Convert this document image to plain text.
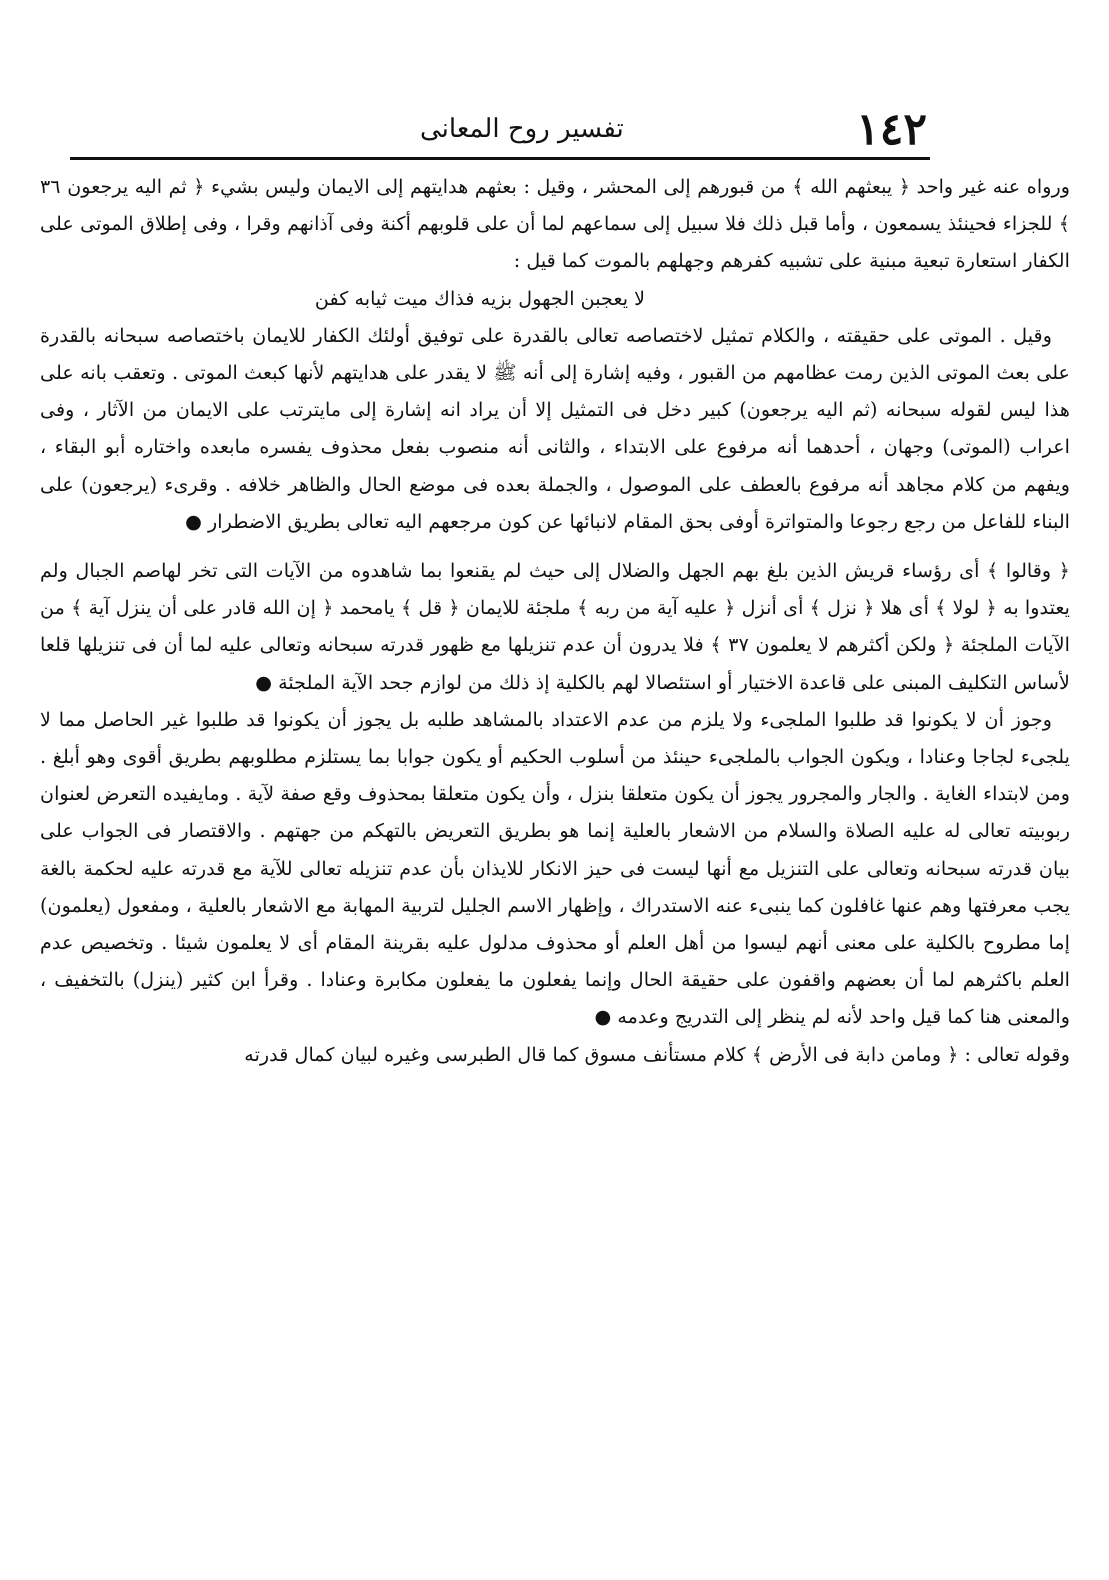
١٤٢
تفسير روح المعانى

ورواه عنه غير واحد ﴿ يبعثهم الله ﴾ من قبورهم إلى المحشر ، وقيل : بعثهم هدايتهم إلى الايمان وليس بشيء ﴿ ثم اليه يرجعون ٣٦ ﴾ للجزاء فحينئذ يسمعون ، وأما قبل ذلك فلا سبيل إلى سماعهم لما أن على قلوبهم أكنة وفى آذانهم وقرا ، وفى إطلاق الموتى على الكفار استعارة تبعية مبنية على تشبيه كفرهم وجهلهم بالموت كما قيل :

لا يعجبن الجهول بزيه فذاك ميت ثيابه كفن

وقيل . الموتى على حقيقته ، والكلام تمثيل لاختصاصه تعالى بالقدرة على توفيق أولئك الكفار للايمان باختصاصه سبحانه بالقدرة على بعث الموتى الذين رمت عظامهم من القبور ، وفيه إشارة إلى أنه ﷺ لا يقدر على هدايتهم لأنها كبعث الموتى . وتعقب بانه على هذا ليس لقوله سبحانه (ثم اليه يرجعون) كبير دخل فى التمثيل إلا أن يراد انه إشارة إلى مايترتب على الايمان من الآثار ، وفى اعراب (الموتى) وجهان ، أحدهما أنه مرفوع على الابتداء ، والثانى أنه منصوب بفعل محذوف يفسره مابعده واختاره أبو البقاء ، ويفهم من كلام مجاهد أنه مرفوع بالعطف على الموصول ، والجملة بعده فى موضع الحال والظاهر خلافه . وقرىء (يرجعون) على البناء للفاعل من رجع رجوعا والمتواترة أوفى بحق المقام لانبائها عن كون مرجعهم اليه تعالى بطريق الاضطرار ●

﴿ وقالوا ﴾ أى رؤساء قريش الذين بلغ بهم الجهل والضلال إلى حيث لم يقنعوا بما شاهدوه من الآيات التى تخر لهاصم الجبال ولم يعتدوا به ﴿ لولا ﴾ أى هلا ﴿ نزل ﴾ أى أنزل ﴿ عليه آية من ربه ﴾ ملجئة للايمان ﴿ قل ﴾ يامحمد ﴿ إن الله قادر على أن ينزل آية ﴾ من الآيات الملجئة ﴿ ولكن أكثرهم لا يعلمون ٣٧ ﴾ فلا يدرون أن عدم تنزيلها مع ظهور قدرته سبحانه وتعالى عليه لما أن فى تنزيلها قلعا لأساس التكليف المبنى على قاعدة الاختيار أو استئصالا لهم بالكلية إذ ذلك من لوازم جحد الآية الملجئة ●

وجوز أن لا يكونوا قد طلبوا الملجىء ولا يلزم من عدم الاعتداد بالمشاهد طلبه بل يجوز أن يكونوا قد طلبوا غير الحاصل مما لا يلجىء لجاجا وعنادا ، ويكون الجواب بالملجىء حينئذ من أسلوب الحكيم أو يكون جوابا بما يستلزم مطلوبهم بطريق أقوى وهو أبلغ . ومن لابتداء الغاية . والجار والمجرور يجوز أن يكون متعلقا بنزل ، وأن يكون متعلقا بمحذوف وقع صفة لآية . ومايفيده التعرض لعنوان ربوبيته تعالى له عليه الصلاة والسلام من الاشعار بالعلية إنما هو بطريق التعريض بالتهكم من جهتهم . والاقتصار فى الجواب على بيان قدرته سبحانه وتعالى على التنزيل مع أنها ليست فى حيز الانكار للايذان بأن عدم تنزيله تعالى للآية مع قدرته عليه لحكمة بالغة يجب معرفتها وهم عنها غافلون كما ينبىء عنه الاستدراك ، وإظهار الاسم الجليل لتربية المهابة مع الاشعار بالعلية ، ومفعول (يعلمون) إما مطروح بالكلية على معنى أنهم ليسوا من أهل العلم أو محذوف مدلول عليه بقرينة المقام أى لا يعلمون شيئا . وتخصيص عدم العلم باكثرهم لما أن بعضهم واقفون على حقيقة الحال وإنما يفعلون ما يفعلون مكابرة وعنادا . وقرأ ابن كثير (ينزل) بالتخفيف ، والمعنى هنا كما قيل واحد لأنه لم ينظر إلى التدريج وعدمه ●

وقوله تعالى : ﴿ ومامن دابة فى الأرض ﴾ كلام مستأنف مسوق كما قال الطبرسى وغيره لبيان كمال قدرته
